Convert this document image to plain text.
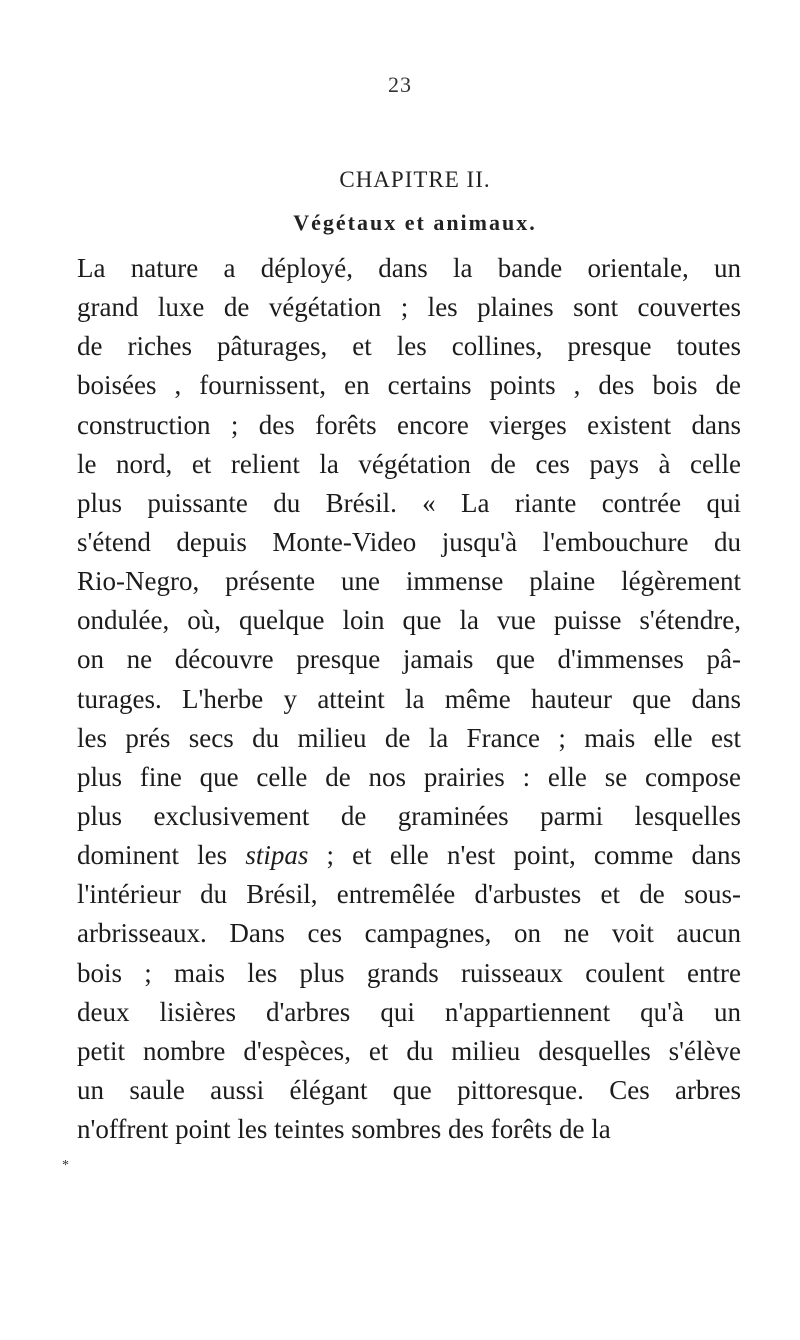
23
CHAPITRE II.
Végétaux et animaux.
La nature a déployé, dans la bande orientale, un
grand luxe de végétation ; les plaines sont couvertes
de riches pâturages, et les collines, presque toutes
boisées , fournissent, en certains points , des bois de
construction ; des forêts encore vierges existent dans
le nord, et relient la végétation de ces pays à celle
plus puissante du Brésil. « La riante contrée qui
s'étend depuis Monte-Video jusqu'à l'embouchure du
Rio-Negro, présente une immense plaine légèrement
ondulée, où, quelque loin que la vue puisse s'étendre,
on ne découvre presque jamais que d'immenses pâ-
turages. L'herbe y atteint la même hauteur que dans
les prés secs du milieu de la France ; mais elle est
plus fine que celle de nos prairies : elle se compose
plus exclusivement de graminées parmi lesquelles
dominent les stipas ; et elle n'est point, comme dans
l'intérieur du Brésil, entremêlée d'arbustes et de sous-
arbrisseaux. Dans ces campagnes, on ne voit aucun
bois ; mais les plus grands ruisseaux coulent entre
deux lisières d'arbres qui n'appartiennent qu'à un
petit nombre d'espèces, et du milieu desquelles s'élève
un saule aussi élégant que pittoresque. Ces arbres
n'offrent point les teintes sombres des forêts de la
*
